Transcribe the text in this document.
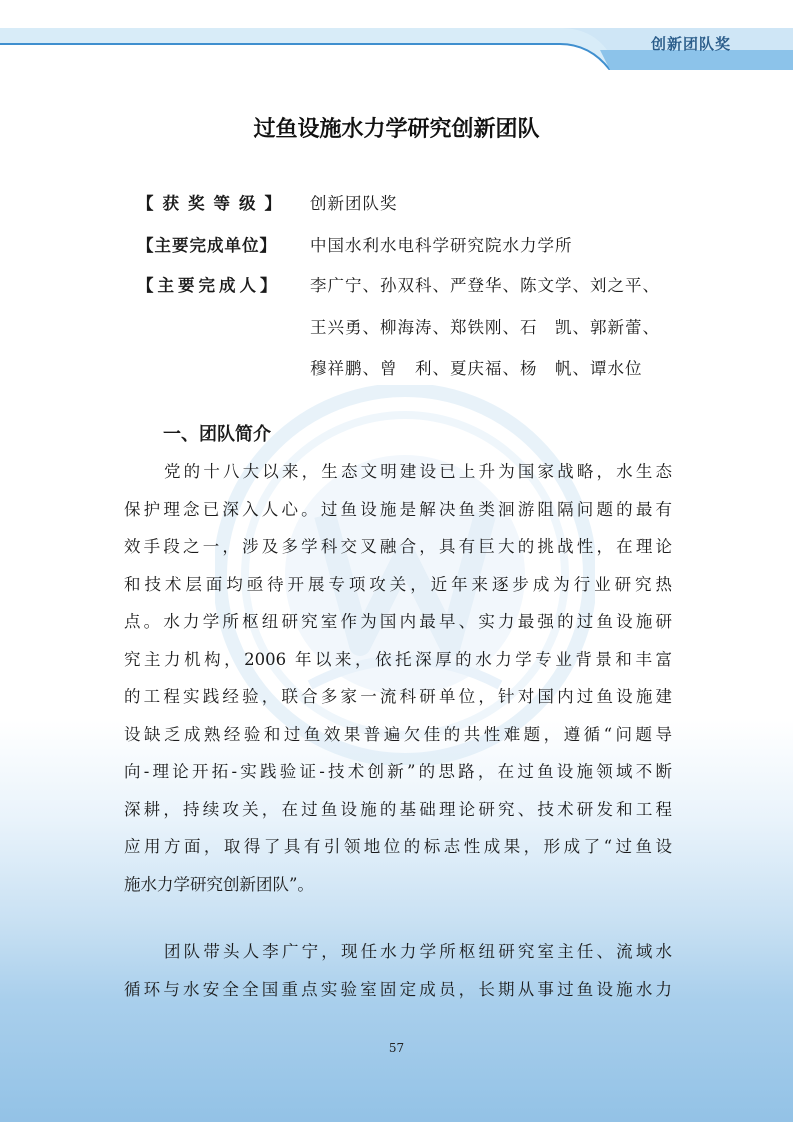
创新团队奖
过鱼设施水力学研究创新团队
【获奖等级】	创新团队奖
【主要完成单位】	中国水利水电科学研究院水力学所
【主要完成人】	李广宁、孙双科、严登华、陈文学、刘之平、
王兴勇、柳海涛、郑铁刚、石　凯、郭新蕾、
穆祥鹏、曾　利、夏庆福、杨　帆、谭水位
一、团队简介
党的十八大以来，生态文明建设已上升为国家战略，水生态
保护理念已深入人心。过鱼设施是解决鱼类洄游阻隔问题的最有
效手段之一，涉及多学科交叉融合，具有巨大的挑战性，在理论
和技术层面均亟待开展专项攻关，近年来逐步成为行业研究热
点。水力学所枢纽研究室作为国内最早、实力最强的过鱼设施研
究主力机构，2006 年以来，依托深厚的水力学专业背景和丰富
的工程实践经验，联合多家一流科研单位，针对国内过鱼设施建
设缺乏成熟经验和过鱼效果普遍欠佳的共性难题，遵循“问题导
向-理论开拓-实践验证-技术创新”的思路，在过鱼设施领域不断
深耕，持续攻关，在过鱼设施的基础理论研究、技术研发和工程
应用方面，取得了具有引领地位的标志性成果，形成了“过鱼设
施水力学研究创新团队”。
团队带头人李广宁，现任水力学所枢纽研究室主任、流域水
循环与水安全全国重点实验室固定成员，长期从事过鱼设施水力
57
